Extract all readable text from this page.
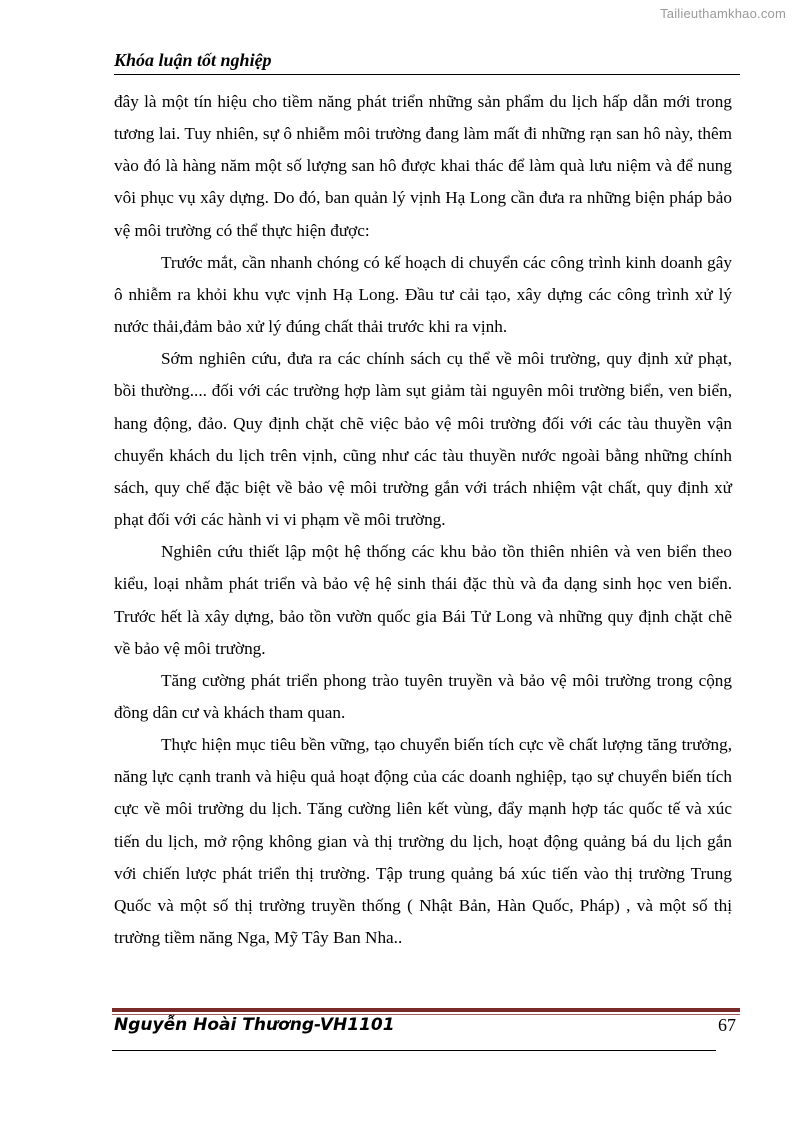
Tailieuthamkhao.com
Khóa luận tốt nghiệp

đây là một tín hiệu cho tiềm năng phát triển những sản phẩm du lịch hấp dẫn mới trong tương lai. Tuy nhiên, sự ô nhiễm môi trường đang làm mất đi những rạn san hô này, thêm vào đó là hàng năm một số lượng san hô được khai thác để làm quà lưu niệm và để nung vôi phục vụ xây dựng. Do đó, ban quản lý vịnh Hạ Long cần đưa ra những biện pháp bảo vệ môi trường có thể thực hiện được:

Trước mắt, cần nhanh chóng có kế hoạch di chuyển các công trình kinh doanh gây ô nhiễm ra khỏi khu vực vịnh Hạ Long. Đầu tư cải tạo, xây dựng các công trình xử lý nước thải,đảm bảo xử lý đúng chất thải trước khi ra vịnh.

Sớm nghiên cứu, đưa ra các chính sách cụ thể về môi trường, quy định xử phạt, bồi thường.... đối với các trường hợp làm sụt giảm tài nguyên môi trường biển, ven biển, hang động, đảo. Quy định chặt chẽ việc bảo vệ môi trường đối với các tàu thuyền vận chuyển khách du lịch trên vịnh, cũng như các tàu thuyền nước ngoài bằng những chính sách, quy chế đặc biệt về bảo vệ môi trường gắn với trách nhiệm vật chất, quy định xử phạt đối với các hành vi vi phạm về môi trường.

Nghiên cứu thiết lập một hệ thống các khu bảo tồn thiên nhiên và ven biển theo kiểu, loại nhằm phát triển và bảo vệ hệ sinh thái đặc thù và đa dạng sinh học ven biển. Trước hết là xây dựng, bảo tồn vườn quốc gia Bái Tử Long và những quy định chặt chẽ về bảo vệ môi trường.

Tăng cường phát triển phong trào tuyên truyền và bảo vệ môi trường trong cộng đồng dân cư và khách tham quan.

Thực hiện mục tiêu bền vững, tạo chuyển biến tích cực về chất lượng tăng trưởng, năng lực cạnh tranh và hiệu quả hoạt động của các doanh nghiệp, tạo sự chuyển biến tích cực về môi trường du lịch. Tăng cường liên kết vùng, đẩy mạnh hợp tác quốc tế và xúc tiến du lịch, mở rộng không gian và thị trường du lịch, hoạt động quảng bá du lịch gắn với chiến lược phát triển thị trường. Tập trung quảng bá xúc tiến vào thị trường Trung Quốc và một số thị trường truyền thống ( Nhật Bản, Hàn Quốc, Pháp) , và một số thị trường tiềm năng Nga, Mỹ Tây Ban Nha..

Nguyễn Hoài Thương-VH1101	67
